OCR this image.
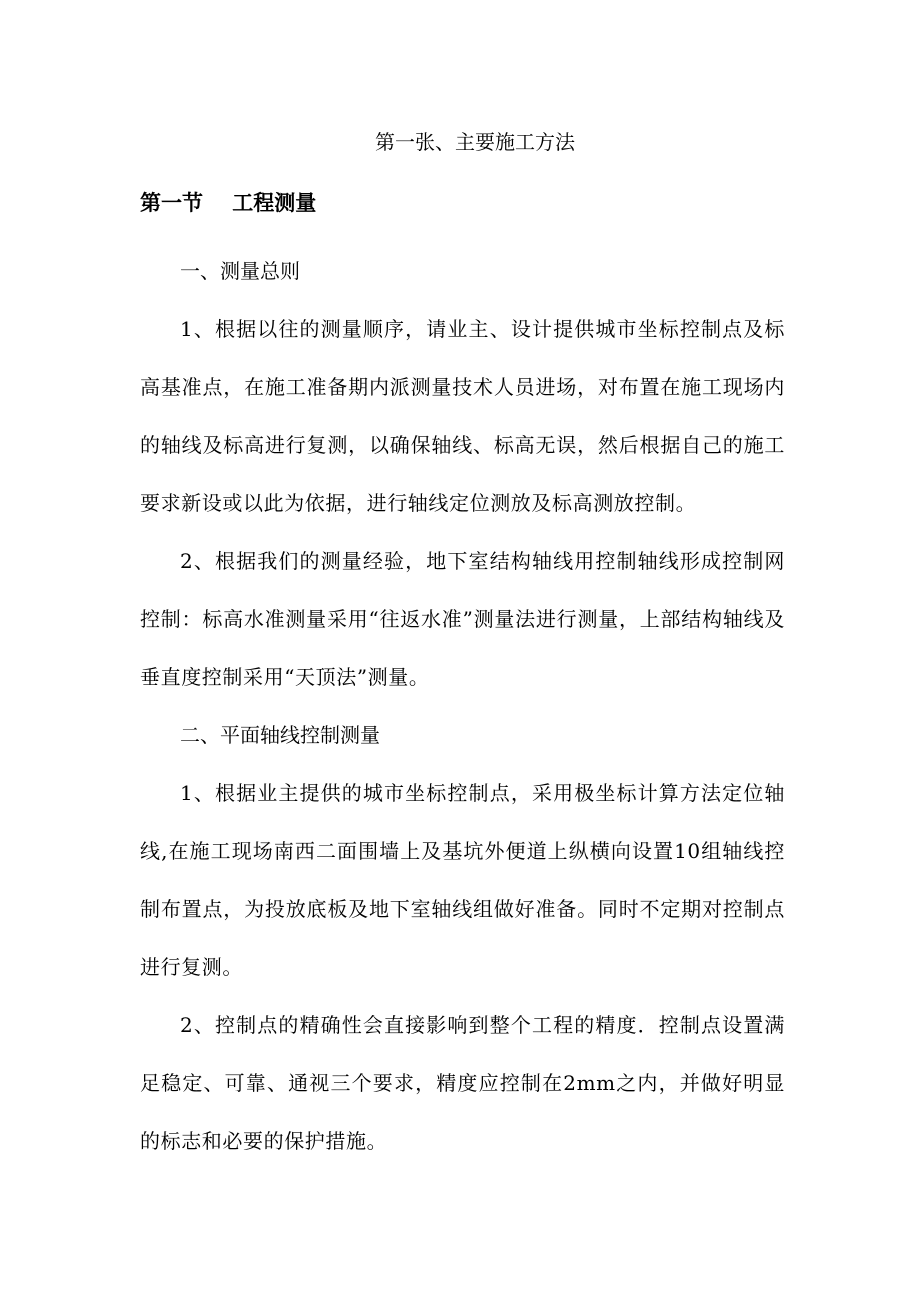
第一张、主要施工方法
第一节    工程测量

一、测量总则

1、根据以往的测量顺序，请业主、设计提供城市坐标控制点及标高基准点，在施工准备期内派测量技术人员进场，对布置在施工现场内的轴线及标高进行复测，以确保轴线、标高无误，然后根据自己的施工要求新设或以此为依据，进行轴线定位测放及标高测放控制。

2、根据我们的测量经验，地下室结构轴线用控制轴线形成控制网控制：标高水准测量采用“往返水准”测量法进行测量，上部结构轴线及垂直度控制采用“天顶法”测量。

二、平面轴线控制测量

1、根据业主提供的城市坐标控制点，采用极坐标计算方法定位轴线,在施工现场南西二面围墙上及基坑外便道上纵横向设置10组轴线控制布置点，为投放底板及地下室轴线组做好准备。同时不定期对控制点进行复测。

2、控制点的精确性会直接影响到整个工程的精度．控制点设置满足稳定、可靠、通视三个要求，精度应控制在2mm之内，并做好明显的标志和必要的保护措施。
